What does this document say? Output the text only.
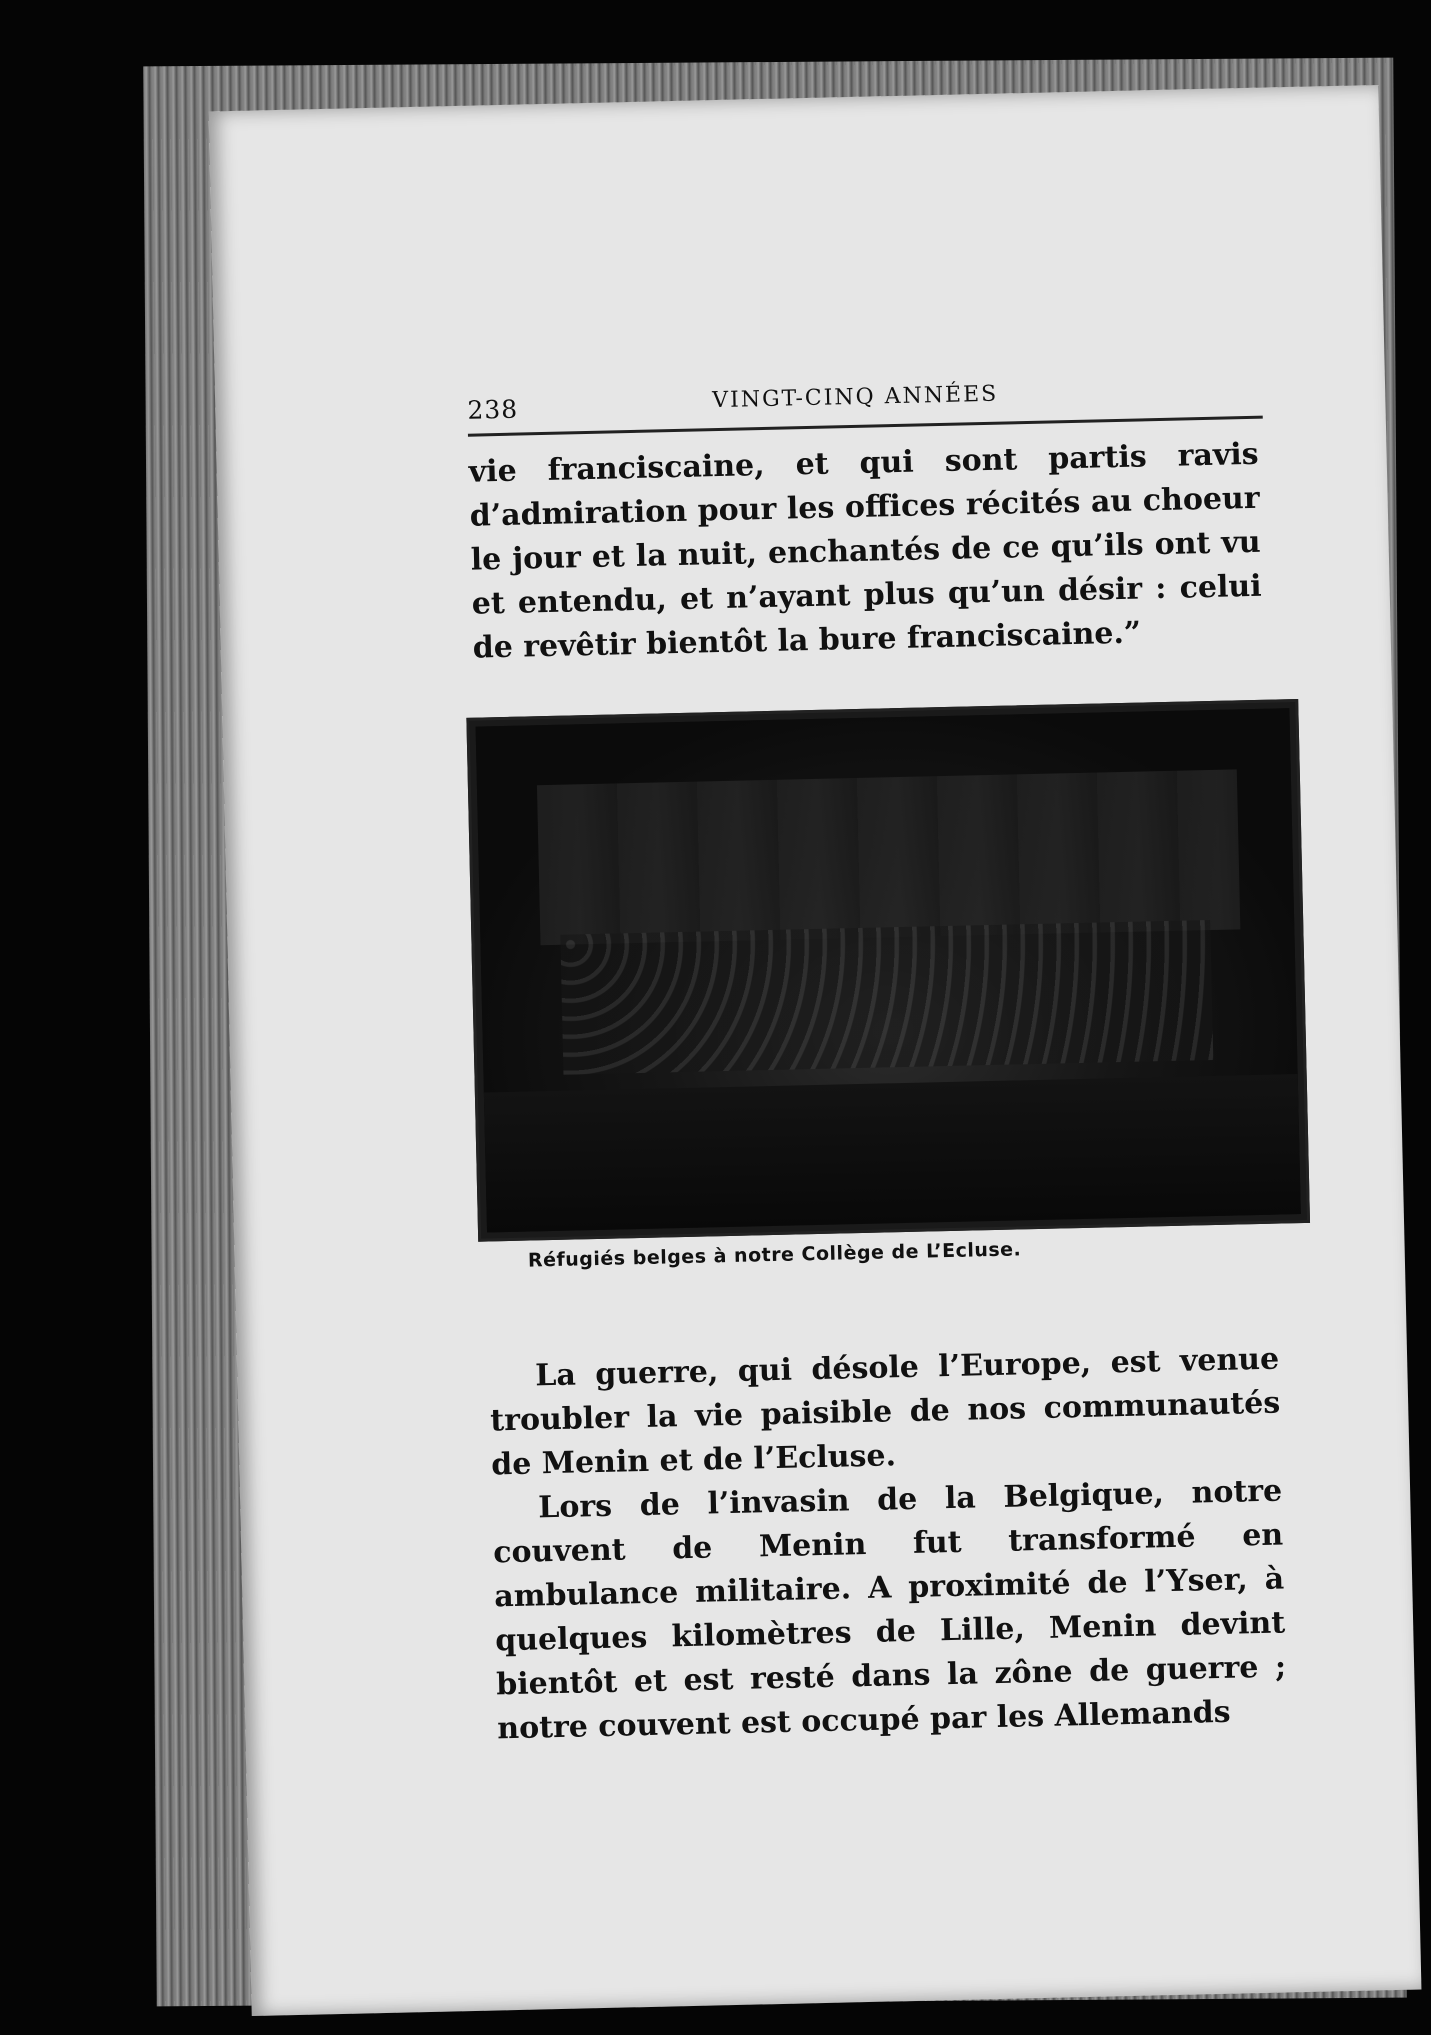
238	VINGT-CINQ ANNÉES

vie franciscaine, et qui sont partis ravis d’admiration pour les offices récités au choeur le jour et la nuit, enchantés de ce qu’ils ont vu et entendu, et n’ayant plus qu’un désir : celui de revêtir bientôt la bure franciscaine.”

Réfugiés belges à notre Collège de L’Ecluse.

La guerre, qui désole l’Europe, est venue troubler la vie paisible de nos communautés de Menin et de l’Ecluse.

Lors de l’invasin de la Belgique, notre couvent de Menin fut transformé en ambulance militaire. A proximité de l’Yser, à quelques kilomètres de Lille, Menin devint bientôt et est resté dans la zône de guerre ; notre couvent est occupé par les Allemands
